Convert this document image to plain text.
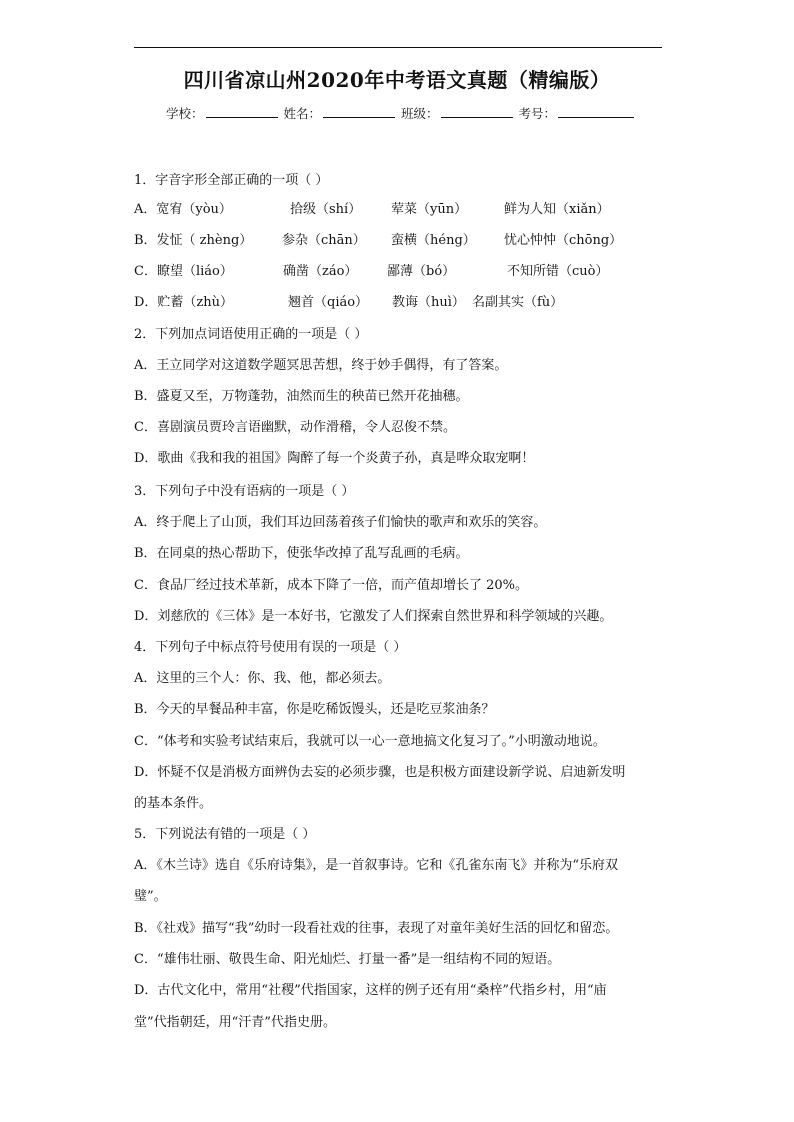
四川省凉山州2020年中考语文真题（精编版）
学校：	姓名：	班级：	考号：
1．字音字形全部正确的一项（ ）
A．宽宥（yòu）	拾级（shí） 荤菜（yūn）	鲜为人知（xiǎn）
B．发怔（ zhèng） 参杂（chān） 蛮横（héng） 忧心忡忡（chōng）
C．瞭望（liáo）	确凿（záo） 鄙薄（bó）	不知所错（cuò）
D．贮蓄（zhù）	翘首（qiáo） 教诲（huì） 名副其实（fù）
2．下列加点词语使用正确的一项是（ ）
A．王立同学对这道数学题冥思苦想，终于妙手偶得，有了答案。
B．盛夏又至，万物蓬勃，油然而生的秧苗已然开花抽穗。
C．喜剧演员贾玲言语幽默，动作滑稽，令人忍俊不禁。
D．歌曲《我和我的祖国》陶醉了每一个炎黄子孙，真是哗众取宠啊！
3．下列句子中没有语病的一项是（ ）
A．终于爬上了山顶，我们耳边回荡着孩子们愉快的歌声和欢乐的笑容。
B．在同桌的热心帮助下，使张华改掉了乱写乱画的毛病。
C．食品厂经过技术革新，成本下降了一倍，而产值却增长了 20%。
D．刘慈欣的《三体》是一本好书，它激发了人们探索自然世界和科学领域的兴趣。
4．下列句子中标点符号使用有误的一项是（ ）
A．这里的三个人：你、我、他，都必须去。
B．今天的早餐品种丰富，你是吃稀饭馒头，还是吃豆浆油条？
C．“体考和实验考试结束后，我就可以一心一意地搞文化复习了。”小明激动地说。
D．怀疑不仅是消极方面辨伪去妄的必须步骤，也是积极方面建设新学说、启迪新发明
的基本条件。
5．下列说法有错的一项是（ ）
A．《木兰诗》选自《乐府诗集》，是一首叙事诗。它和《孔雀东南飞》并称为“乐府双
璧”。
B．《社戏》描写“我”幼时一段看社戏的往事，表现了对童年美好生活的回忆和留恋。
C．“雄伟壮丽、敬畏生命、阳光灿烂、打量一番”是一组结构不同的短语。
D．古代文化中，常用“社稷”代指国家，这样的例子还有用“桑梓”代指乡村，用“庙
堂”代指朝廷，用“汗青”代指史册。
